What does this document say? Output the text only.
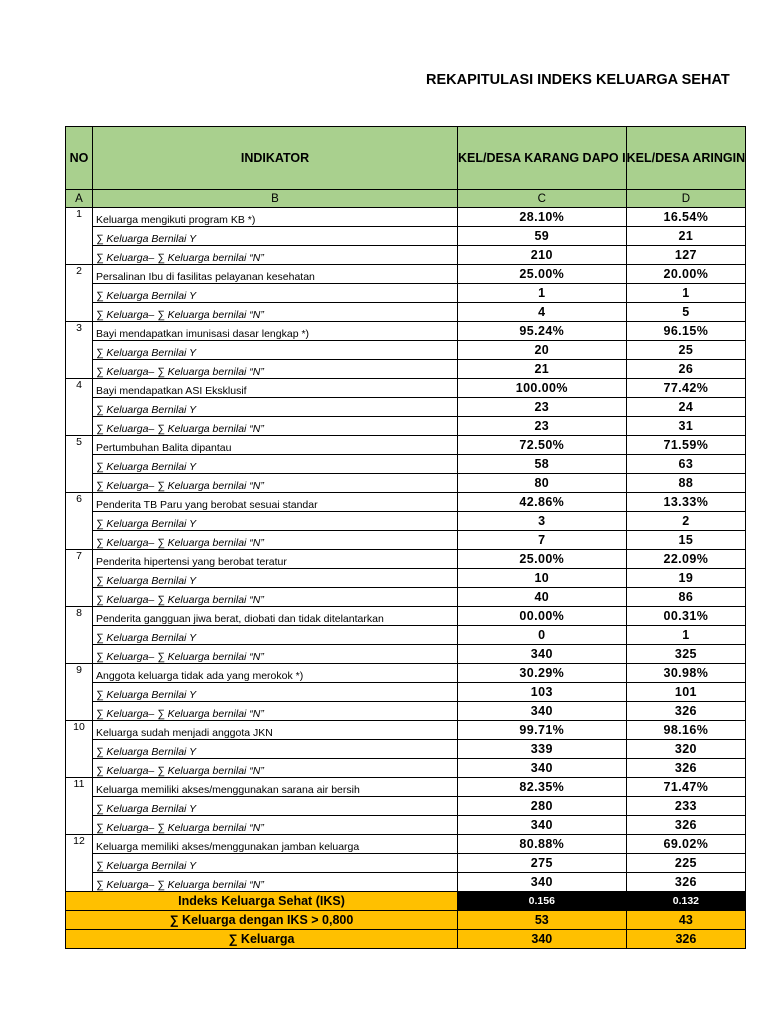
REKAPITULASI INDEKS KELUARGA SEHAT
NO	INDIKATOR	KEL/DESA KARANG DAPO I	KEL/DESA ARINGIN
A	B	C	D
1	Keluarga mengikuti program KB *)	28.10%	16.54%
	∑ Keluarga Bernilai Y	59	21
	∑ Keluarga– ∑ Keluarga bernilai “N”	210	127
2	Persalinan Ibu di fasilitas pelayanan kesehatan	25.00%	20.00%
	∑ Keluarga Bernilai Y	1	1
	∑ Keluarga– ∑ Keluarga bernilai “N”	4	5
3	Bayi mendapatkan imunisasi dasar lengkap *)	95.24%	96.15%
	∑ Keluarga Bernilai Y	20	25
	∑ Keluarga– ∑ Keluarga bernilai “N”	21	26
4	Bayi mendapatkan ASI Eksklusif	100.00%	77.42%
	∑ Keluarga Bernilai Y	23	24
	∑ Keluarga– ∑ Keluarga bernilai “N”	23	31
5	Pertumbuhan Balita dipantau	72.50%	71.59%
	∑ Keluarga Bernilai Y	58	63
	∑ Keluarga– ∑ Keluarga bernilai “N”	80	88
6	Penderita TB Paru yang berobat sesuai standar	42.86%	13.33%
	∑ Keluarga Bernilai Y	3	2
	∑ Keluarga– ∑ Keluarga bernilai “N”	7	15
7	Penderita hipertensi yang berobat teratur	25.00%	22.09%
	∑ Keluarga Bernilai Y	10	19
	∑ Keluarga– ∑ Keluarga bernilai “N”	40	86
8	Penderita gangguan jiwa berat, diobati dan tidak ditelantarkan	00.00%	00.31%
	∑ Keluarga Bernilai Y	0	1
	∑ Keluarga– ∑ Keluarga bernilai “N”	340	325
9	Anggota keluarga tidak ada yang merokok *)	30.29%	30.98%
	∑ Keluarga Bernilai Y	103	101
	∑ Keluarga– ∑ Keluarga bernilai “N”	340	326
10	Keluarga sudah menjadi anggota JKN	99.71%	98.16%
	∑ Keluarga Bernilai Y	339	320
	∑ Keluarga– ∑ Keluarga bernilai “N”	340	326
11	Keluarga memiliki akses/menggunakan sarana air bersih	82.35%	71.47%
	∑ Keluarga Bernilai Y	280	233
	∑ Keluarga– ∑ Keluarga bernilai “N”	340	326
12	Keluarga memiliki akses/menggunakan jamban keluarga	80.88%	69.02%
	∑ Keluarga Bernilai Y	275	225
	∑ Keluarga– ∑ Keluarga bernilai “N”	340	326
Indeks Keluarga Sehat (IKS)		0.156	0.132
∑ Keluarga dengan IKS > 0,800		53	43
∑ Keluarga		340	326
